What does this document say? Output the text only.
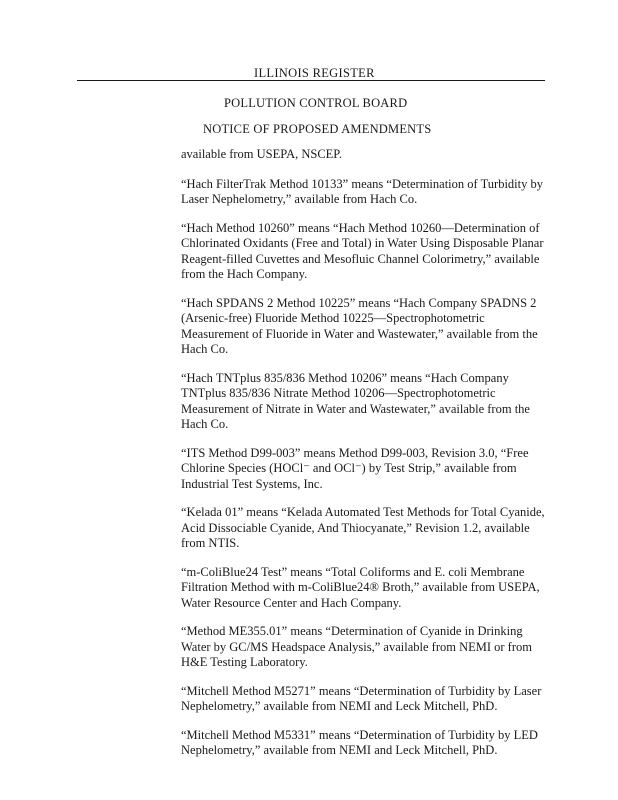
ILLINOIS REGISTER
POLLUTION CONTROL BOARD
NOTICE OF PROPOSED AMENDMENTS

available from USEPA, NSCEP.

“Hach FilterTrak Method 10133” means “Determination of Turbidity by Laser Nephelometry,” available from Hach Co.

“Hach Method 10260” means “Hach Method 10260—Determination of Chlorinated Oxidants (Free and Total) in Water Using Disposable Planar Reagent-filled Cuvettes and Mesofluic Channel Colorimetry,” available from the Hach Company.

“Hach SPDANS 2 Method 10225” means “Hach Company SPADNS 2 (Arsenic-free) Fluoride Method 10225—Spectrophotometric Measurement of Fluoride in Water and Wastewater,” available from the Hach Co.

“Hach TNTplus 835/836 Method 10206” means “Hach Company TNTplus 835/836 Nitrate Method 10206—Spectrophotometric Measurement of Nitrate in Water and Wastewater,” available from the Hach Co.

“ITS Method D99-003” means Method D99-003, Revision 3.0, “Free Chlorine Species (HOCl⁻ and OCl⁻) by Test Strip,” available from Industrial Test Systems, Inc.

“Kelada 01” means “Kelada Automated Test Methods for Total Cyanide, Acid Dissociable Cyanide, And Thiocyanate,” Revision 1.2, available from NTIS.

“m-ColiBlue24 Test” means “Total Coliforms and E. coli Membrane Filtration Method with m-ColiBlue24® Broth,” available from USEPA, Water Resource Center and Hach Company.

“Method ME355.01” means “Determination of Cyanide in Drinking Water by GC/MS Headspace Analysis,” available from NEMI or from H&E Testing Laboratory.

“Mitchell Method M5271” means “Determination of Turbidity by Laser Nephelometry,” available from NEMI and Leck Mitchell, PhD.

“Mitchell Method M5331” means “Determination of Turbidity by LED Nephelometry,” available from NEMI and Leck Mitchell, PhD.
